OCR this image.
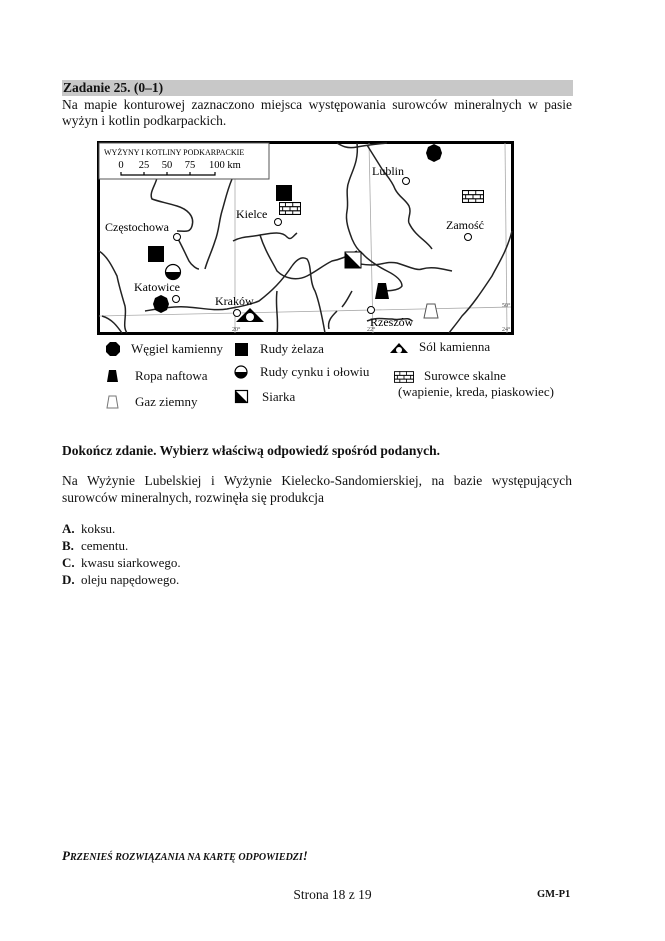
Zadanie 25. (0–1)
Na mapie konturowej zaznaczono miejsca występowania surowców mineralnych w pasie
wyżyn i kotlin podkarpackich.
WYŻYNY I KOTLINY PODKARPACKIE
0 25 50 75 100 km
Częstochowa
Kielce
Lublin
Zamość
Katowice
Kraków
Rzeszów
20°	22°	24°
50°
Węgiel kamienny	Rudy żelaza	Sól kamienna
Ropa naftowa	Rudy cynku i ołowiu	Surowce skalne
(wapienie, kreda, piaskowiec)
Gaz ziemny	Siarka
Dokończ zdanie. Wybierz właściwą odpowiedź spośród podanych.
Na Wyżynie Lubelskiej i Wyżynie Kielecko-Sandomierskiej, na bazie występujących
surowców mineralnych, rozwinęła się produkcja
A. koksu.
B. cementu.
C. kwasu siarkowego.
D. oleju napędowego.
PRZENIEŚ ROZWIĄZANIA NA KARTĘ ODPOWIEDZI!
Strona 18 z 19	GM-P1
